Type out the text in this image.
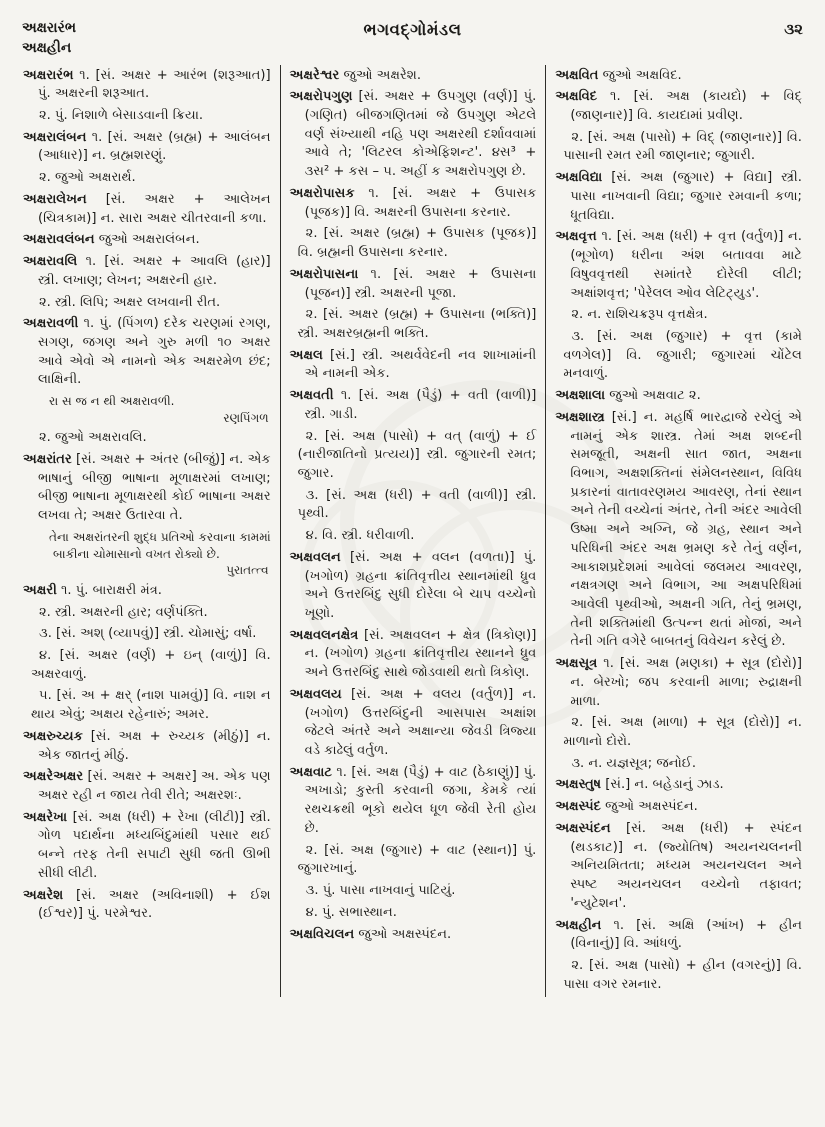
અક્ષરારંભ
અક્ષહીન
ભગવદ્ગોમંડલ	૩૨

અક્ષરારંભ ૧. [સં. અક્ષર + આરંભ (શરૂઆત)] પું. અક્ષરની શરૂઆત.

૨. પું. નિશાળે બેસાડવાની ક્રિયા.

અક્ષરાલંબન ૧. [સં. અક્ષર (બ્રહ્મ) + આલંબન (આધાર)] ન. બ્રહ્મશરણું.

૨. જુઓ અક્ષરાર્થ.

અક્ષરાલેખન [સં. અક્ષર + આલેખન (ચિત્રકામ)] ન. સારા અક્ષર ચીતરવાની કળા.

અક્ષરાવલંબન જુઓ અક્ષરાલંબન.

અક્ષરાવલિ ૧. [સં. અક્ષર + આવલિ (હાર)] સ્ત્રી. લખાણ; લેખન; અક્ષરની હાર.

૨. સ્ત્રી. લિપિ; અક્ષર લખવાની રીત.

અક્ષરાવળી ૧. પું. (પિંગળ) દરેક ચરણમાં રગણ, સગણ, જગણ અને ગુરુ મળી ૧૦ અક્ષર આવે એવો એ નામનો એક અક્ષરમેળ છંદ; લાક્ષિની.

રા સ જ ન થી અક્ષરાવળી.

રણપિંગળ

૨. જુઓ અક્ષરાવલિ.

અક્ષરાંતર [સં. અક્ષર + અંતર (બીજું)] ન. એક ભાષાનું બીજી ભાષાના મૂળાક્ષરમાં લખાણ; બીજી ભાષાના મૂળાક્ષરથી કોઈ ભાષાના અક્ષર લખવા તે; અક્ષર ઉતારવા તે.

તેના અક્ષરાંતરની શુદ્ધ પ્રતિઓ કરવાના કામમાં બાકીના ચોમાસાનો વખત રોક્યો છે.

પુરાતત્ત્વ

અક્ષરી ૧. પું. બારાક્ષરી મંત્ર.

૨. સ્ત્રી. અક્ષરની હાર; વર્ણપંક્તિ.

૩. [સં. અશ્ (વ્યાપવું)] સ્ત્રી. ચોમાસું; વર્ષા.

૪. [સં. અક્ષર (વર્ણ) + ઇન્ (વાળું)] વિ. અક્ષરવાળું.

૫. [સં. અ + ક્ષર્ (નાશ પામવું)] વિ. નાશ ન થાય એવું; અક્ષય રહેનારું; અમર.

અક્ષરુચ્યક [સં. અક્ષ + રુચ્યક (મીઠું)] ન. એક જાતનું મીઠું.

અક્ષરેઅક્ષર [સં. અક્ષર + અક્ષર] અ. એક પણ અક્ષર રહી ન જાય તેવી રીતે; અક્ષરશઃ.

અક્ષરેખા [સં. અક્ષ (ધરી) + રેખા (લીટી)] સ્ત્રી. ગોળ પદાર્થના મધ્યબિંદુમાંથી પસાર થઈ બન્ને તરફ તેની સપાટી સુધી જતી ઊભી સીધી લીટી.

અક્ષરેશ [સં. અક્ષર (અવિનાશી) + ઈશ (ઈશ્વર)] પું. પરમેશ્વર.

અક્ષરેશ્વર જુઓ અક્ષરેશ.

અક્ષરોપગુણ [સં. અક્ષર + ઉપગુણ (વર્ણ)] પું. (ગણિત) બીજગણિતમાં જે ઉપગુણ એટલે વર્ણ સંખ્યાથી નહિ પણ અક્ષરથી દર્શાવવામાં આવે તે; 'લિટરલ કોએફિશન્ટ'. ૪સ³ + ૩સ² + કસ – ૫. અહીં ક અક્ષરોપગુણ છે.

અક્ષરોપાસક ૧. [સં. અક્ષર + ઉપાસક (પૂજક)] વિ. અક્ષરની ઉપાસના કરનાર.

૨. [સં. અક્ષર (બ્રહ્મ) + ઉપાસક (પૂજક)] વિ. બ્રહ્મની ઉપાસના કરનાર.

અક્ષરોપાસના ૧. [સં. અક્ષર + ઉપાસના (પૂજન)] સ્ત્રી. અક્ષરની પૂજા.

૨. [સં. અક્ષર (બ્રહ્મ) + ઉપાસના (ભક્તિ)] સ્ત્રી. અક્ષરબ્રહ્મની ભક્તિ.

અક્ષલ [સં.] સ્ત્રી. અથર્વવેદની નવ શાખામાંની એ નામની એક.

અક્ષવતી ૧. [સં. અક્ષ (પૈડું) + વતી (વાળી)] સ્ત્રી. ગાડી.

૨. [સં. અક્ષ (પાસો) + વત્ (વાળું) + ઈ (નારીજાતિનો પ્રત્યય)] સ્ત્રી. જુગારની રમત; જુગાર.

૩. [સં. અક્ષ (ધરી) + વતી (વાળી)] સ્ત્રી. પૃથ્વી.

૪. વિ. સ્ત્રી. ધરીવાળી.

અક્ષવલન [સં. અક્ષ + વલન (વળતા)] પું. (ખગોળ) ગ્રહના ક્રાંતિવૃત્તીય સ્થાનમાંથી ધ્રુવ અને ઉત્તરબિંદુ સુધી દોરેલા બે ચાપ વચ્ચેનો ખૂણો.

અક્ષવલનક્ષેત્ર [સં. અક્ષવલન + ક્ષેત્ર (ત્રિકોણ)] ન. (ખગોળ) ગ્રહના ક્રાંતિવૃત્તીય સ્થાનને ધ્રુવ અને ઉત્તરબિંદુ સાથે જોડવાથી થતો ત્રિકોણ.

અક્ષવલય [સં. અક્ષ + વલય (વર્તુળ)] ન. (ખગોળ) ઉત્તરબિંદુની આસપાસ અક્ષાંશ જેટલે અંતરે અને અક્ષાન્યા જેવડી ત્રિજ્યા વડે કાઢેલું વર્તુળ.

અક્ષવાટ ૧. [સં. અક્ષ (પૈડું) + વાટ (ઠેકાણું)] પું. અખાડો; કુસ્તી કરવાની જગા, કેમકે ત્યાં રથચક્રથી ભૂકો થયેલ ધૂળ જેવી રેતી હોય છે.

૨. [સં. અક્ષ (જુગાર) + વાટ (સ્થાન)] પું. જુગારખાનું.

૩. પું. પાસા નાખવાનું પાટિયું.

૪. પું. સભાસ્થાન.

અક્ષવિચલન જુઓ અક્ષસ્પંદન.

અક્ષવિત જુઓ અક્ષવિદ.

અક્ષવિદ ૧. [સં. અક્ષ (કાયદો) + વિદ્ (જાણનાર)] વિ. કાયદામાં પ્રવીણ.

૨. [સં. અક્ષ (પાસો) + વિદ્ (જાણનાર)] વિ. પાસાની રમત રમી જાણનાર; જુગારી.

અક્ષવિદ્યા [સં. અક્ષ (જુગાર) + વિદ્યા] સ્ત્રી. પાસા નાખવાની વિદ્યા; જુગાર રમવાની કળા; ધૂતવિદ્યા.

અક્ષવૃત્ત ૧. [સં. અક્ષ (ધરી) + વૃત્ત (વર્તુળ)] ન. (ભૂગોળ) ધરીના અંશ બતાવવા માટે વિષુવવૃત્તથી સમાંતરે દોરેલી લીટી; અક્ષાંશવૃત્ત; 'પેરેલલ ઓવ લેટિટ્યુડ'.

૨. ન. રાશિચક્રરૂપ વૃત્તક્ષેત્ર.

૩. [સં. અક્ષ (જુગાર) + વૃત્ત (કામે વળગેલ)] વિ. જુગારી; જુગારમાં ચોંટેલ મનવાળું.

અક્ષશાલા જુઓ અક્ષવાટ ૨.

અક્ષશાસ્ત્ર [સં.] ન. મહર્ષિ ભારદ્વાજે રચેલું એ નામનું એક શાસ્ત્ર. તેમાં અક્ષ શબ્દની સમજૂતી, અક્ષની સાત જાત, અક્ષના વિભાગ, અક્ષશક્તિનાં સંમેલનસ્થાન, વિવિધ પ્રકારનાં વાતાવરણમય આવરણ, તેનાં સ્થાન અને તેની વચ્ચેનાં અંતર, તેની અંદર આવેલી ઉષ્મા અને અગ્નિ, જે ગ્રહ, સ્થાન અને પરિધિની અંદર અક્ષ ભ્રમણ કરે તેનું વર્ણન, આકાશપ્રદેશમાં આવેલાં જલમય આવરણ, નક્ષત્રગણ અને વિભાગ, આ અક્ષપરિધિમાં આવેલી પૃથ્વીઓ, અક્ષની ગતિ, તેનું ભ્રમણ, તેની શક્તિમાંથી ઉત્પન્ન થતાં મોજાં, અને તેની ગતિ વગેરે બાબતનું વિવેચન કરેલું છે.

અક્ષસૂત્ર ૧. [સં. અક્ષ (મણકા) + સૂત્ર (દોરો)] ન. બેરખો; જપ કરવાની માળા; રુદ્રાક્ષની માળા.

૨. [સં. અક્ષ (માળા) + સૂત્ર (દોરો)] ન. માળાનો દોરો.

૩. ન. યજ્ઞસૂત્ર; જનોઈ.

અક્ષસ્તુષ [સં.] ન. બહેડાનું ઝાડ.

અક્ષસ્પંદ જુઓ અક્ષસ્પંદન.

અક્ષસ્પંદન [સં. અક્ષ (ધરી) + સ્પંદન (થડકાટ)] ન. (જ્યોતિષ) અયનચલનની અનિયમિતતા; મધ્યમ અયનચલન અને સ્પષ્ટ અયનચલન વચ્ચેનો તફાવત; 'ન્યુટેશન'.

અક્ષહીન ૧. [સં. અક્ષિ (આંખ) + હીન (વિનાનું)] વિ. આંધળું.

૨. [સં. અક્ષ (પાસો) + હીન (વગરનું)] વિ. પાસા વગર રમનાર.
